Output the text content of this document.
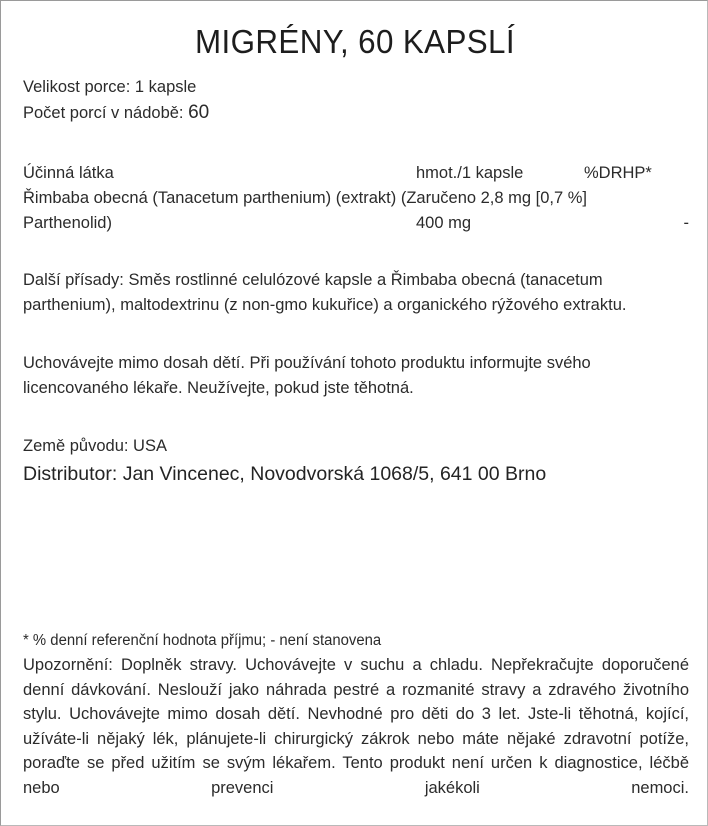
MIGRÉNY, 60 KAPSLÍ
Velikost porce: 1 kapsle
Počet porcí v nádobě: 60
Účinná látka	hmot./1 kapsle	%DRHP*
Řimbaba obecná (Tanacetum parthenium) (extrakt) (Zaručeno 2,8 mg [0,7 %]
Parthenolid)	400 mg	-

Další přísady: Směs rostlinné celulózové kapsle a Řimbaba obecná (tanacetum parthenium), maltodextrinu (z non-gmo kukuřice) a organického rýžového extraktu.

Uchovávejte mimo dosah dětí. Při používání tohoto produktu informujte svého licencovaného lékaře. Neužívejte, pokud jste těhotná.

Země původu: USA
Distributor: Jan Vincenec, Novodvorská 1068/5, 641 00 Brno
* % denní referenční hodnota příjmu; - není stanovena

Upozornění: Doplněk stravy. Uchovávejte v suchu a chladu. Nepřekračujte doporučené denní dávkování. Neslouží jako náhrada pestré a rozmanité stravy a zdravého životního stylu. Uchovávejte mimo dosah dětí. Nevhodné pro děti do 3 let. Jste-li těhotná, kojící, užíváte-li nějaký lék, plánujete-li chirurgický zákrok nebo máte nějaké zdravotní potíže, poraďte se před užitím se svým lékařem. Tento produkt není určen k diagnostice, léčbě nebo prevenci jakékoli nemoci.
